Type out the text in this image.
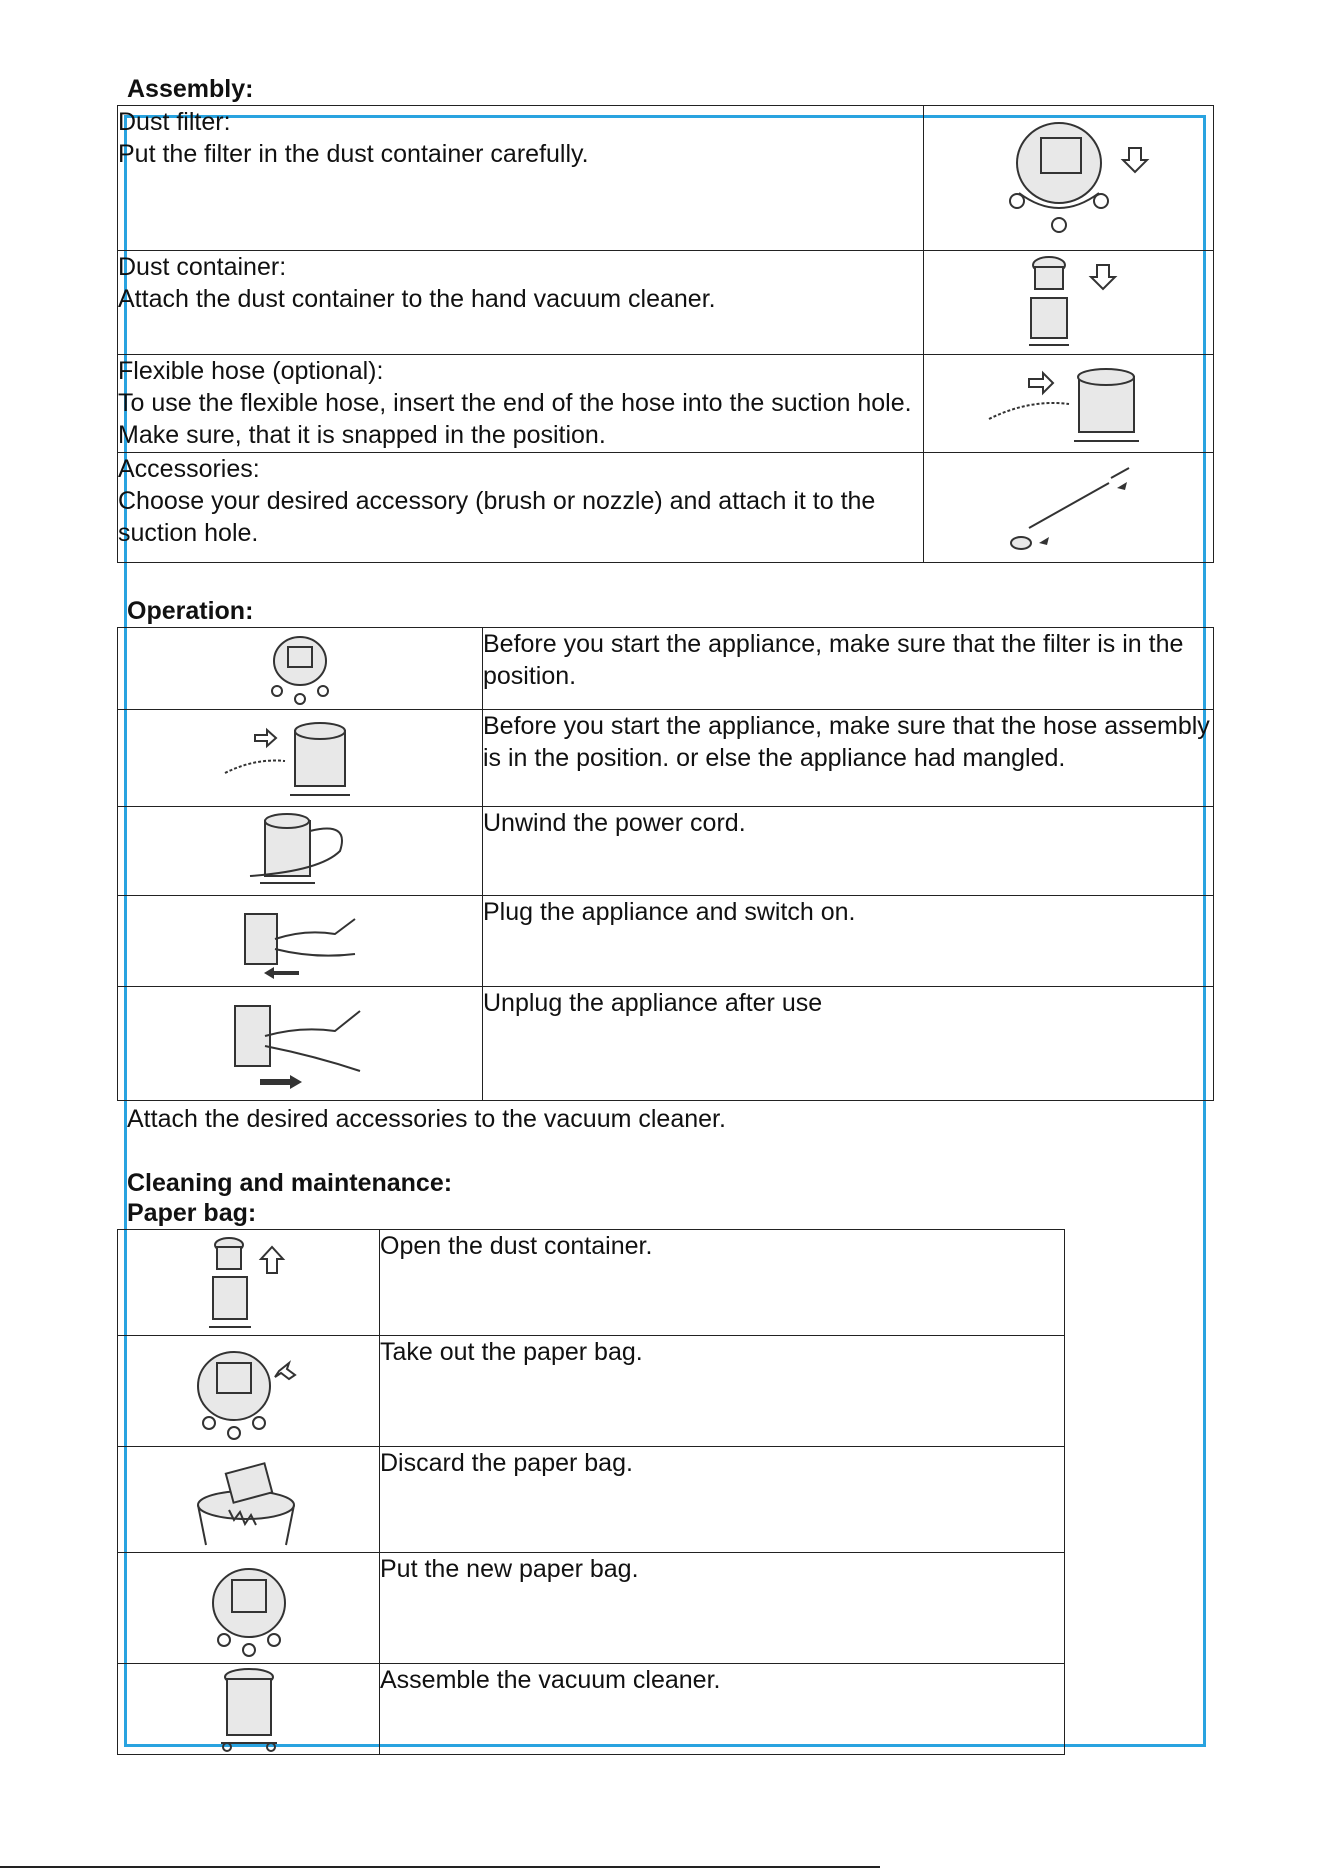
Assembly:
Dust filter:
Put the filter in the dust container carefully.

Dust container:
Attach the dust container to the hand vacuum cleaner.

Flexible hose (optional):
To use the flexible hose, insert the end of the hose into the suction hole. Make sure, that it is snapped in the position.

Accessories:
Choose your desired accessory (brush or nozzle) and attach it to the suction hole.

Operation:

Before you start the appliance, make sure that the filter is in the position.

Before you start the appliance, make sure that the hose assembly  is in the position. or else the appliance had mangled.

Unwind the power cord.

Plug the appliance and switch on.

Unplug the appliance after use

Attach the desired accessories to the vacuum cleaner.

Cleaning and maintenance:
Paper bag:

Open the dust container.

Take out the paper bag.

Discard the paper bag.

Put the new paper bag.

Assemble the vacuum cleaner.
